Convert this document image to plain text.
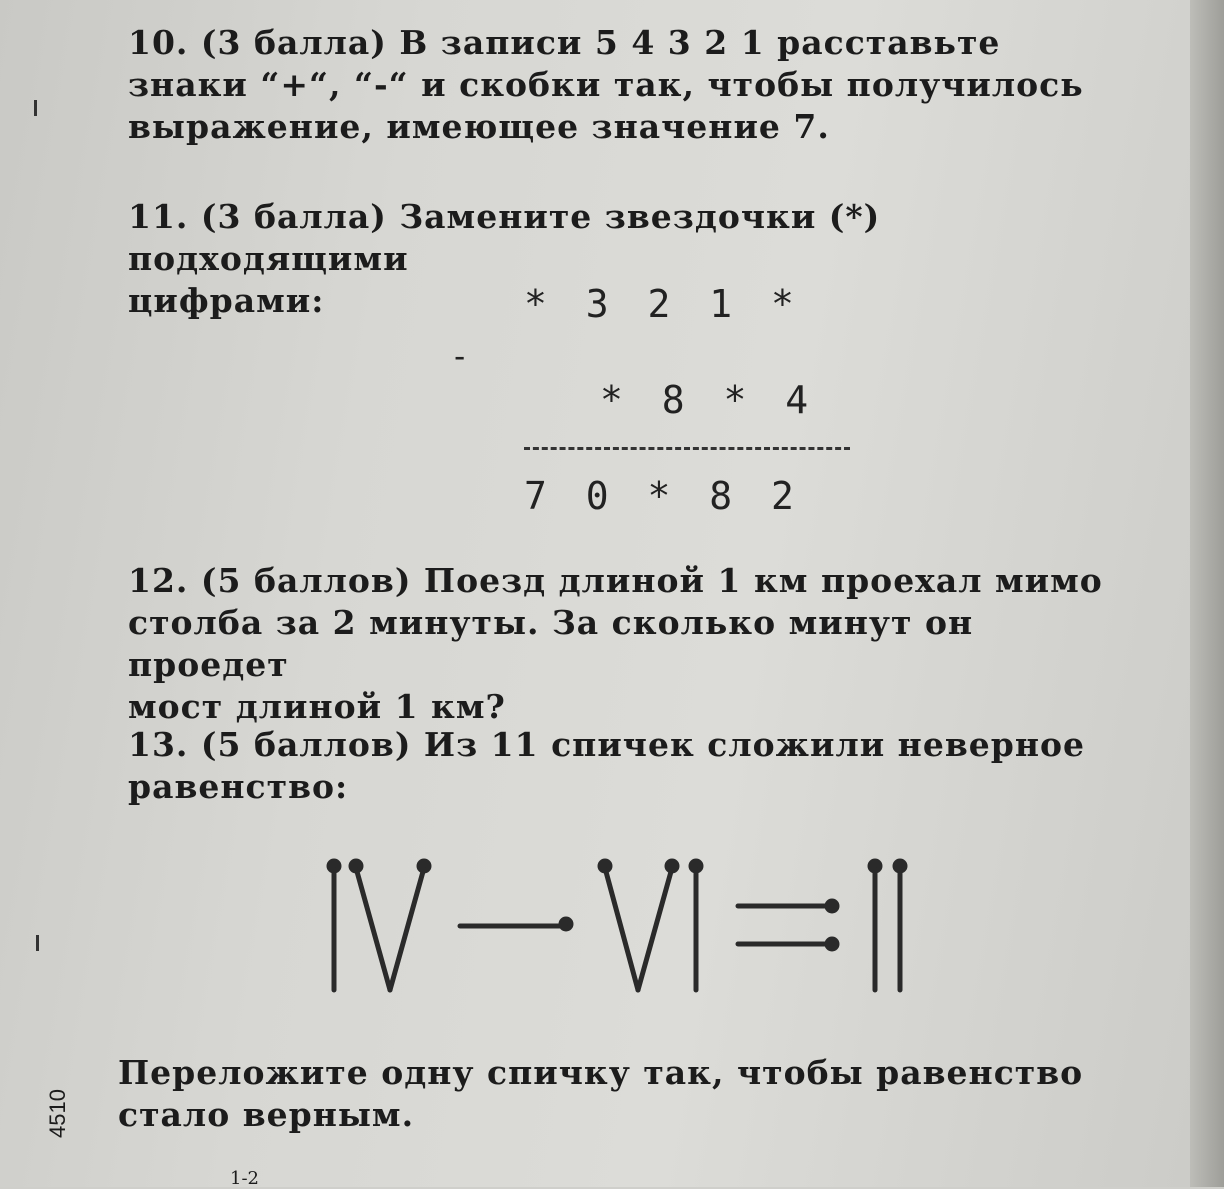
10. (3 балла) В записи 5 4 3 2 1 расставьте

знаки “+“, “-“ и скобки так, чтобы получилось

выражение, имеющее значение 7.

11. (3 балла) Замените звездочки (*) подходящими

цифрами:	* 3 2 1 *
-
* 8 * 4
7 0 * 8 2

12. (5 баллов) Поезд длиной 1 км проехал мимо

столба за 2 минуты. За сколько минут он проедет

мост длиной 1 км?

13. (5 баллов) Из 11 спичек сложили неверное

равенство:

Переложите одну спичку так, чтобы равенство

стало верным.

4510
1-2
